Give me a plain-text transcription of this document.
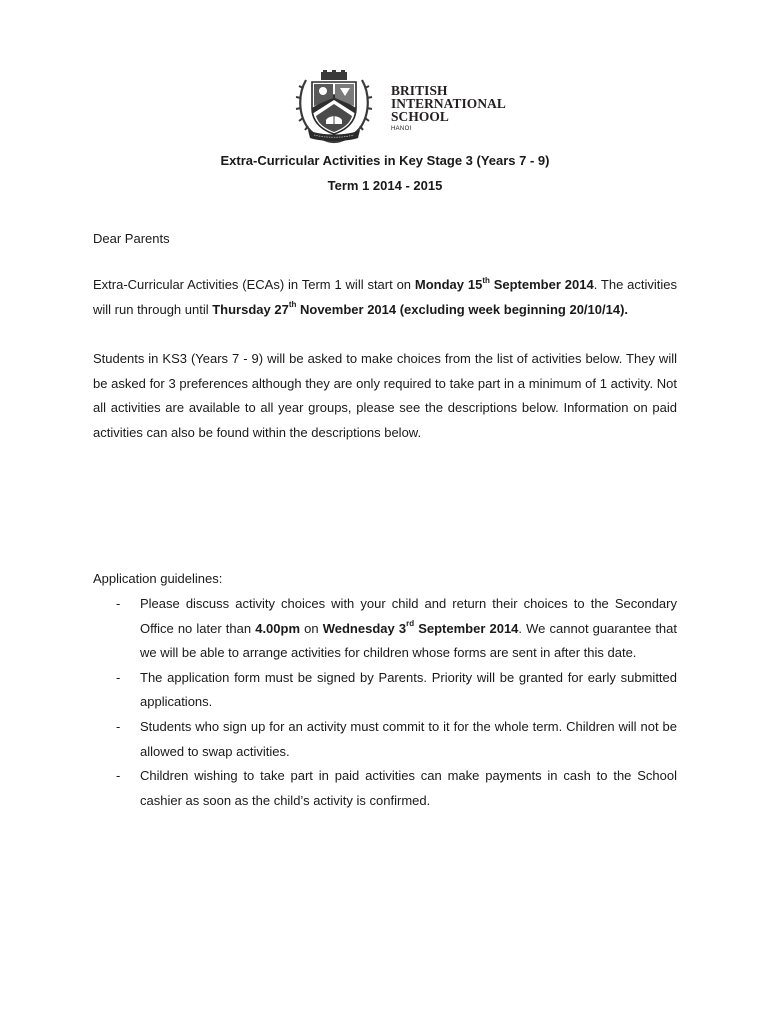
BRITISH
INTERNATIONAL
SCHOOL
HANOI
Extra-Curricular Activities in Key Stage 3 (Years 7 - 9)
Term 1 2014 - 2015
Dear Parents
Extra-Curricular Activities (ECAs) in Term 1 will start on Monday 15th September 2014. The activities will run through until Thursday 27th November 2014 (excluding week beginning 20/10/14).
Students in KS3 (Years 7 - 9) will be asked to make choices from the list of activities below. They will be asked for 3 preferences although they are only required to take part in a minimum of 1 activity. Not all activities are available to all year groups, please see the descriptions below. Information on paid activities can also be found within the descriptions below.
Application guidelines:
- Please discuss activity choices with your child and return their choices to the Secondary Office no later than 4.00pm on Wednesday 3rd September 2014. We cannot guarantee that we will be able to arrange activities for children whose forms are sent in after this date.
- The application form must be signed by Parents. Priority will be granted for early submitted applications.
- Students who sign up for an activity must commit to it for the whole term. Children will not be allowed to swap activities.
- Children wishing to take part in paid activities can make payments in cash to the School cashier as soon as the child’s activity is confirmed.
